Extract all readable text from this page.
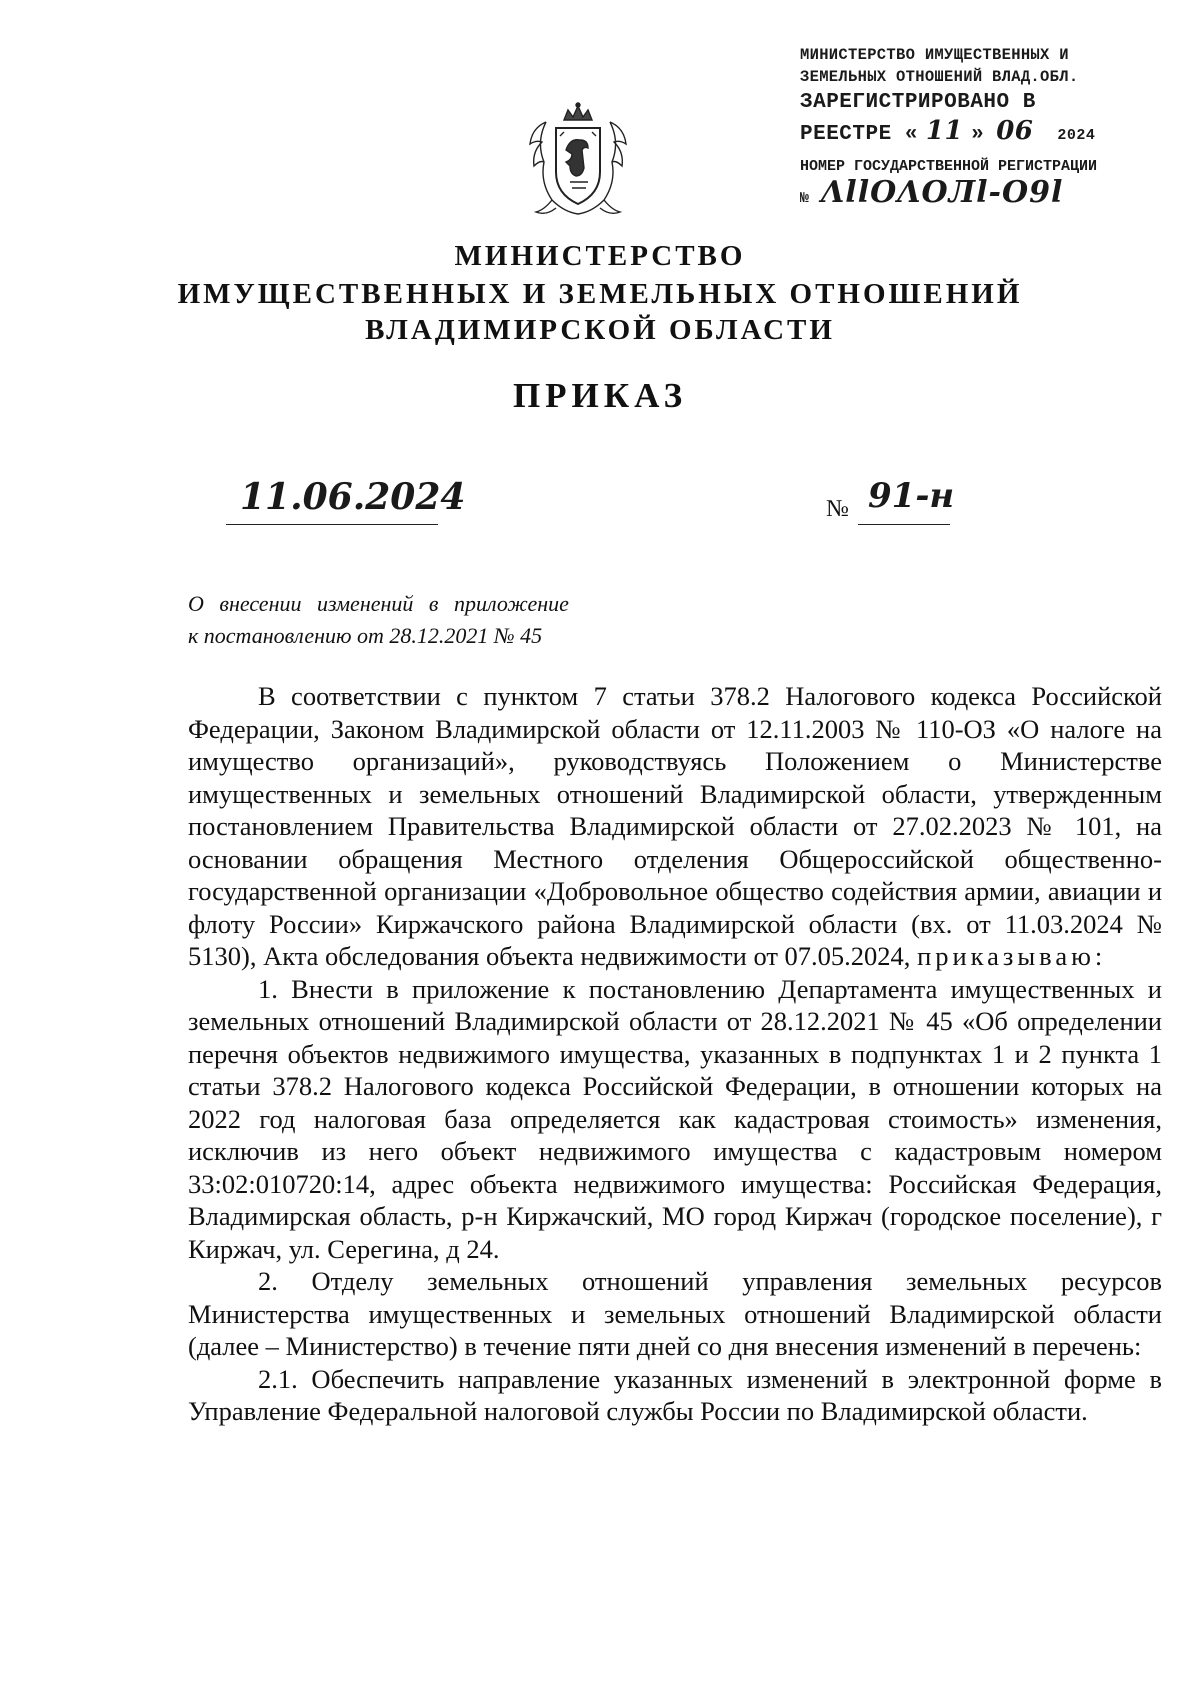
МИНИСТЕРСТВО ИМУЩЕСТВЕННЫХ И
ЗЕМЕЛЬНЫХ ОТНОШЕНИЙ ВЛАД.ОБЛ.
ЗАРЕГИСТРИРОВАНО В
РЕЕСТРЕ « 11 » 06 2024
НОМЕР ГОСУДАРСТВЕННОЙ РЕГИСТРАЦИИ
№ ΛllOΛOЛl-O9l
МИНИСТЕРСТВО
ИМУЩЕСТВЕННЫХ И ЗЕМЕЛЬНЫХ ОТНОШЕНИЙ
ВЛАДИМИРСКОЙ ОБЛАСТИ
ПРИКАЗ
11.06.2024	№ 91-н
О внесении изменений в приложение
к постановлению от 28.12.2021 № 45

В соответствии с пунктом 7 статьи 378.2 Налогового кодекса Российской Федерации, Законом Владимирской области от 12.11.2003 № 110-ОЗ «О налоге на имущество организаций», руководствуясь Положением о Министерстве имущественных и земельных отношений Владимирской области, утвержденным постановлением Правительства Владимирской области от 27.02.2023 № 101, на основании обращения Местного отделения Общероссийской общественно-государственной организации «Добровольное общество содействия армии, авиации и флоту России» Киржачского района Владимирской области (вх. от 11.03.2024 № 5130), Акта обследования объекта недвижимости от 07.05.2024, приказываю:

1. Внести в приложение к постановлению Департамента имущественных и земельных отношений Владимирской области от 28.12.2021 № 45 «Об определении перечня объектов недвижимого имущества, указанных в подпунктах 1 и 2 пункта 1 статьи 378.2 Налогового кодекса Российской Федерации, в отношении которых на 2022 год налоговая база определяется как кадастровая стоимость» изменения, исключив из него объект недвижимого имущества с кадастровым номером 33:02:010720:14, адрес объекта недвижимого имущества: Российская Федерация, Владимирская область, р-н Киржачский, МО город Киржач (городское поселение), г Киржач, ул. Серегина, д 24.

2. Отделу земельных отношений управления земельных ресурсов Министерства имущественных и земельных отношений Владимирской области (далее – Министерство) в течение пяти дней со дня внесения изменений в перечень:

2.1. Обеспечить направление указанных изменений в электронной форме в Управление Федеральной налоговой службы России по Владимирской области.
